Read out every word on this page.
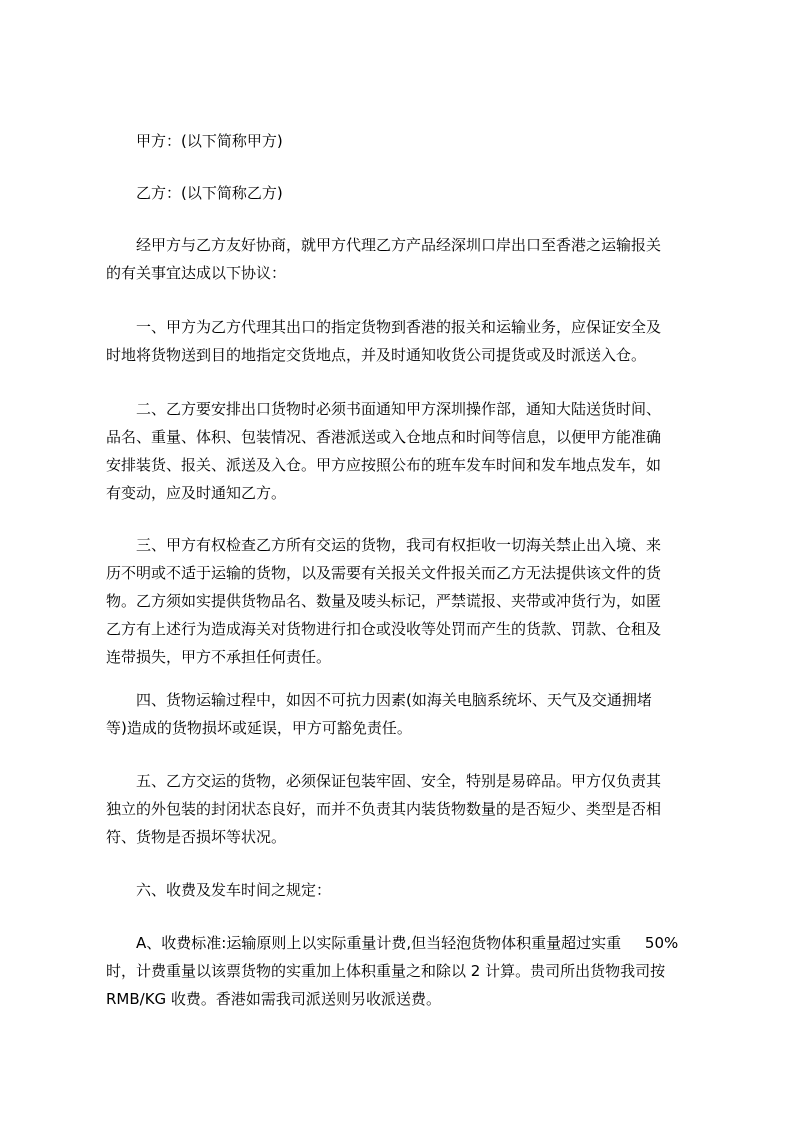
甲方：(以下简称甲方)

乙方：(以下简称乙方)

经甲方与乙方友好协商，就甲方代理乙方产品经深圳口岸出口至香港之运输报关
的有关事宜达成以下协议：

一、甲方为乙方代理其出口的指定货物到香港的报关和运输业务，应保证安全及
时地将货物送到目的地指定交货地点，并及时通知收货公司提货或及时派送入仓。

二、乙方要安排出口货物时必须书面通知甲方深圳操作部，通知大陆送货时间、
品名、重量、体积、包装情况、香港派送或入仓地点和时间等信息，以便甲方能准确
安排装货、报关、派送及入仓。甲方应按照公布的班车发车时间和发车地点发车，如
有变动，应及时通知乙方。

三、甲方有权检查乙方所有交运的货物，我司有权拒收一切海关禁止出入境、来
历不明或不适于运输的货物，以及需要有关报关文件报关而乙方无法提供该文件的货
物。乙方须如实提供货物品名、数量及唛头标记，严禁谎报、夹带或冲货行为，如匿
乙方有上述行为造成海关对货物进行扣仓或没收等处罚而产生的货款、罚款、仓租及
连带损失，甲方不承担任何责任。

四、货物运输过程中，如因不可抗力因素(如海关电脑系统坏、天气及交通拥堵
等)造成的货物损坏或延误，甲方可豁免责任。

五、乙方交运的货物，必须保证包装牢固、安全，特别是易碎品。甲方仅负责其
独立的外包装的封闭状态良好，而并不负责其内装货物数量的是否短少、类型是否相
符、货物是否损坏等状况。

六、收费及发车时间之规定：

A、收费标准:运输原则上以实际重量计费,但当轻泡货物体积重量超过实重     50%
时，计费重量以该票货物的实重加上体积重量之和除以 2 计算。贵司所出货物我司按
RMB/KG 收费。香港如需我司派送则另收派送费。
